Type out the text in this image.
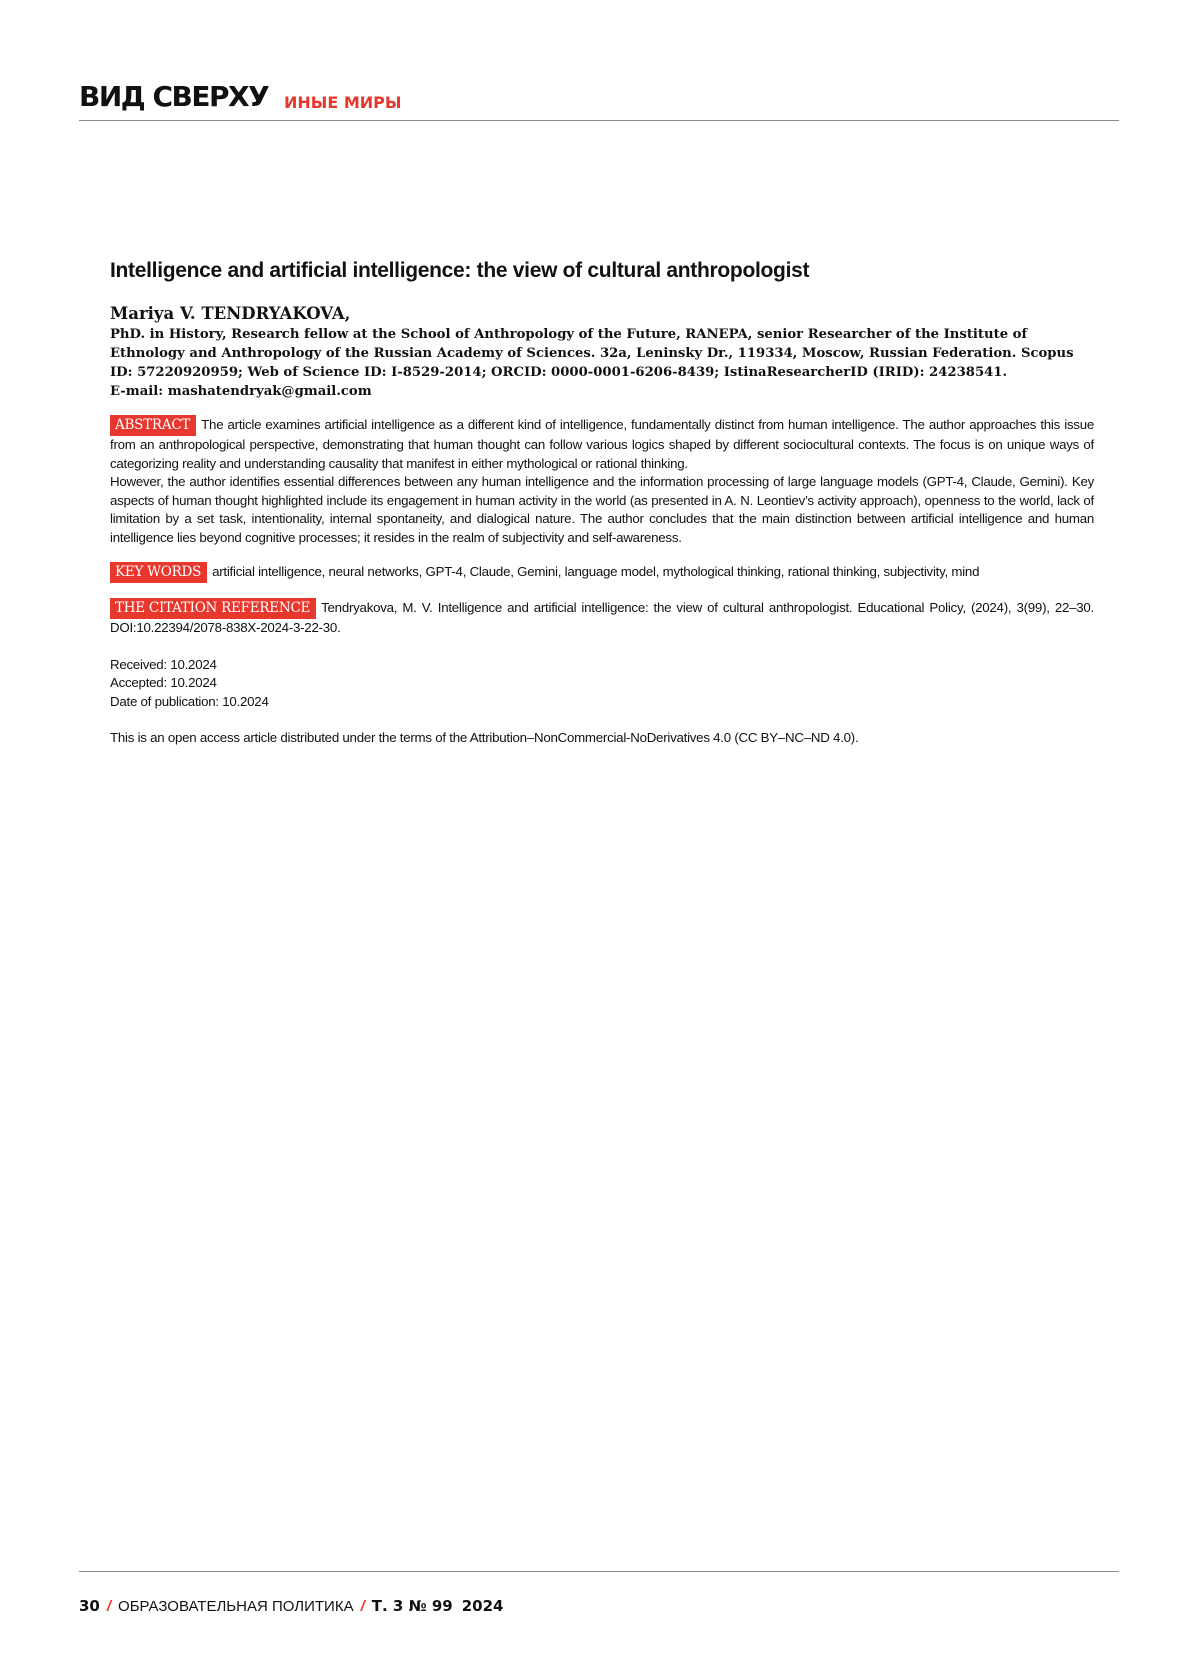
ВИД СВЕРХУ ИНЫЕ МИРЫ
Intelligence and artificial intelligence: the view of cultural anthropologist

Mariya V. TENDRYAKOVA,

PhD. in History, Research fellow at the School of Anthropology of the Future, RANEPA, senior Researcher of the Institute of Ethnology and Anthropology of the Russian Academy of Sciences. 32a, Leninsky Dr., 119334, Moscow, Russian Federation. Scopus ID: 57220920959; Web of Science ID: I-8529-2014; ORCID: 0000-0001-6206-8439; IstinaResearcherID (IRID): 24238541.

E-mail: mashatendryak@gmail.com

ABSTRACT The article examines artificial intelligence as a different kind of intelligence, fundamentally distinct from human intelligence. The author approaches this issue from an anthropological perspective, demonstrating that human thought can follow various logics shaped by different sociocultural contexts. The focus is on unique ways of categorizing reality and understanding causality that manifest in either mythological or rational thinking.

However, the author identifies essential differences between any human intelligence and the information processing of large language models (GPT-4, Claude, Gemini). Key aspects of human thought highlighted include its engagement in human activity in the world (as presented in A. N. Leontiev’s activity approach), openness to the world, lack of limitation by a set task, intentionality, internal spontaneity, and dialogical nature. The author concludes that the main distinction between artificial intelligence and human intelligence lies beyond cognitive processes; it resides in the realm of subjectivity and self-awareness.

KEY WORDS artificial intelligence, neural networks, GPT-4, Claude, Gemini, language model, mythological thinking, rational thinking, subjectivity, mind

THE CITATION REFERENCE Tendryakova, M. V. Intelligence and artificial intelligence: the view of cultural anthropologist. Educational Policy, (2024), 3(99), 22–30. DOI:10.22394/2078-838X-2024-3-22-30.

Received: 10.2024
Accepted: 10.2024
Date of publication: 10.2024
This is an open access article distributed under the terms of the Attribution–NonCommercial-NoDerivatives 4.0 (CC BY–NC–ND 4.0).
30 / ОБРАЗОВАТЕЛЬНАЯ ПОЛИТИКА / Т. 3 № 99 2024
